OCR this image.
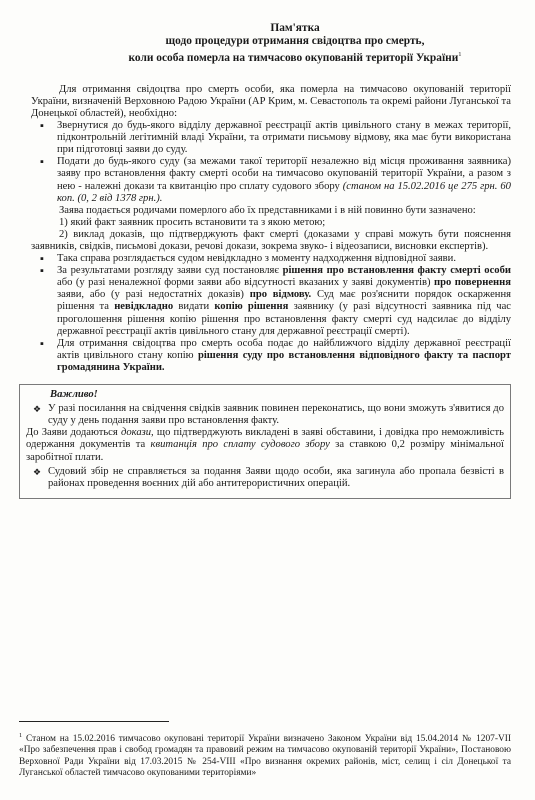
Пам'ятка
щодо процедури отримання свідоцтва про смерть,
коли особа померла на тимчасово окупованій території України$^1$

Для отримання свідоцтва про смерть особи, яка померла на тимчасово окупованій території України, визначеній Верховною Радою України (АР Крим, м. Севастополь та окремі райони Луганської та Донецької областей), необхідно:

▪ Звернутися до будь-якого відділу державної реєстрації актів цивільного стану в межах території, підконтрольній легітимній владі України, та отримати письмову відмову, яка має бути використана при підготовці заяви до суду.
▪ Подати до будь-якого суду (за межами такої території незалежно від місця проживання заявника) заяву про встановлення факту смерті особи на тимчасово окупованій території України, а разом з нею - належні докази та квитанцію про сплату судового збору (станом на 15.02.2016 це 275 грн. 60 коп. (0, 2 від 1378 грн.).

Заява подається родичами померлого або їх представниками і в ній повинно бути зазначено:

1) який факт заявник просить встановити та з якою метою;

2) виклад доказів, що підтверджують факт смерті (доказами у справі можуть бути пояснення заявників, свідків, письмові докази, речові докази, зокрема звуко- і відеозаписи, висновки експертів).

▪ Така справа розглядається судом невідкладно з моменту надходження відповідної заяви.
▪ За результатами розгляду заяви суд постановляє рішення про встановлення факту смерті особи або (у разі неналежної форми заяви або відсутності вказаних у заяві документів) про повернення заяви, або (у разі недостатніх доказів) про відмову. Суд має роз'яснити порядок оскарження рішення та невідкладно видати копію рішення заявнику (у разі відсутності заявника під час проголошення рішення копію рішення про встановлення факту смерті суд надсилає до відділу державної реєстрації актів цивільного стану для державної реєстрації смерті).
▪ Для отримання свідоцтва про смерть особа подає до найближчого відділу державної реєстрації актів цивільного стану копію рішення суду про встановлення відповідного факту та паспорт громадянина України.
Важливо!
❖ У разі посилання на свідчення свідків заявник повинен переконатись, що вони зможуть з'явитися до суду у день подання заяви про встановлення факту.

До Заяви додаються докази, що підтверджують викладені в заяві обставини, і довідка про неможливість одержання документів та квитанція про сплату судового збору за ставкою 0,2 розміру мінімальної заробітної плати.

❖ Судовий збір не справляється за подання Заяви щодо особи, яка загинула або пропала безвісті в районах проведення воєнних дій або антитерористичних операцій.
$^1$ Станом на 15.02.2016 тимчасово окуповані території України визначено Законом України від 15.04.2014 № 1207-VII «Про забезпечення прав і свобод громадян та правовий режим на тимчасово окупованій території України», Постановою Верховної Ради України від 17.03.2015 № 254-VIII «Про визнання окремих районів, міст, селищ і сіл Донецької та Луганської областей тимчасово окупованими територіями»
